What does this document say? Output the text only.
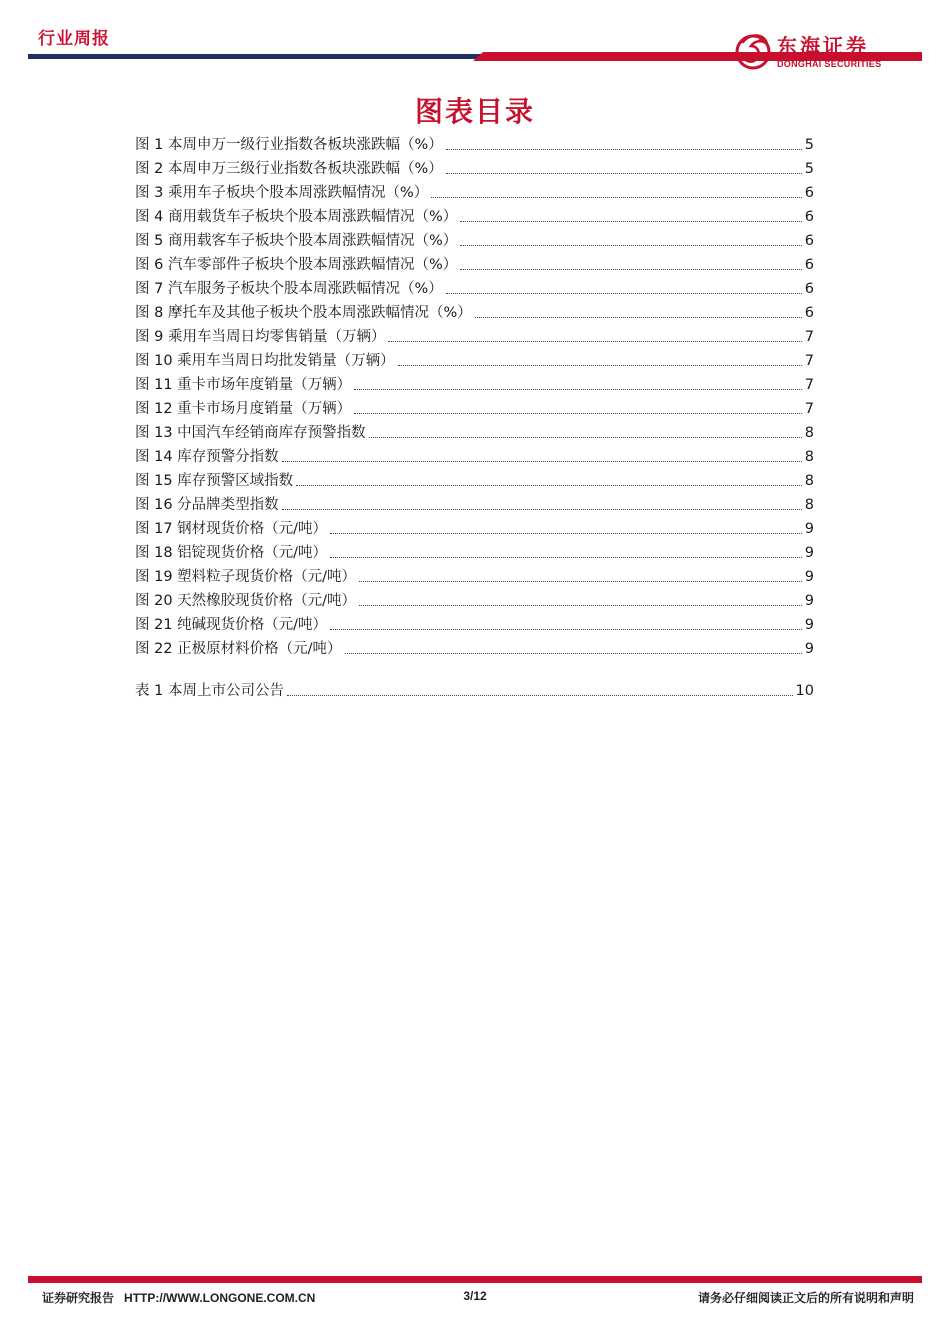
行业周报	东海证券
DONGHAI SECURITIES
图表目录
图 1 本周申万一级行业指数各板块涨跌幅（%）	5
图 2 本周申万三级行业指数各板块涨跌幅（%）	5
图 3 乘用车子板块个股本周涨跌幅情况（%）	6
图 4 商用载货车子板块个股本周涨跌幅情况（%）	6
图 5 商用载客车子板块个股本周涨跌幅情况（%）	6
图 6 汽车零部件子板块个股本周涨跌幅情况（%）	6
图 7 汽车服务子板块个股本周涨跌幅情况（%）	6
图 8 摩托车及其他子板块个股本周涨跌幅情况（%）	6
图 9 乘用车当周日均零售销量（万辆）	7
图 10 乘用车当周日均批发销量（万辆）	7
图 11 重卡市场年度销量（万辆）	7
图 12 重卡市场月度销量（万辆）	7
图 13 中国汽车经销商库存预警指数	8
图 14 库存预警分指数	8
图 15 库存预警区域指数	8
图 16 分品牌类型指数	8
图 17 钢材现货价格（元/吨）	9
图 18 铝锭现货价格（元/吨）	9
图 19 塑料粒子现货价格（元/吨）	9
图 20 天然橡胶现货价格（元/吨）	9
图 21 纯碱现货价格（元/吨）	9
图 22 正极原材料价格（元/吨）	9
表 1 本周上市公司公告	10
证券研究报告 HTTP://WWW.LONGONE.COM.CN	3/12	请务必仔细阅读正文后的所有说明和声明
